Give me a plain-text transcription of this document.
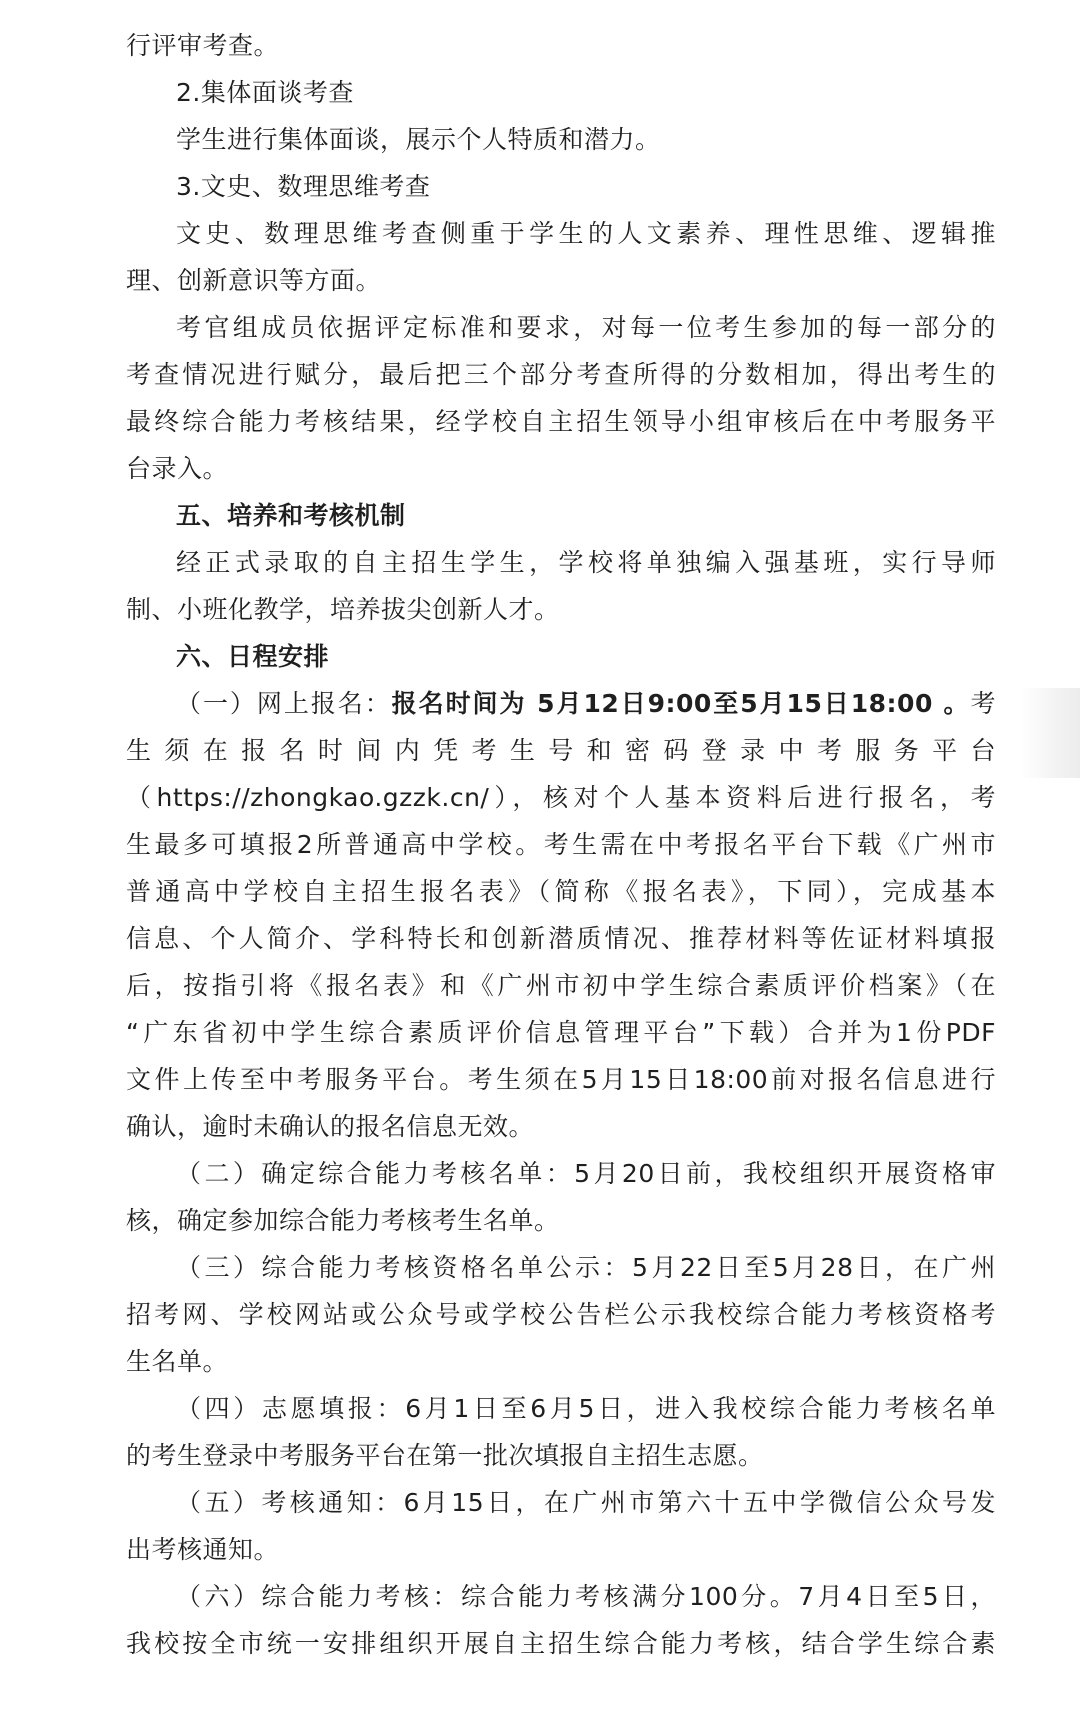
行评审考查。
2.集体面谈考查
学生进行集体面谈，展示个人特质和潜力。
3.文史、数理思维考查
文史、数理思维考查侧重于学生的人文素养、理性思维、逻辑推
理、创新意识等方面。
考官组成员依据评定标准和要求，对每一位考生参加的每一部分的
考查情况进行赋分，最后把三个部分考查所得的分数相加，得出考生的
最终综合能力考核结果，经学校自主招生领导小组审核后在中考服务平
台录入。
五、培养和考核机制
经正式录取的自主招生学生，学校将单独编入强基班，实行导师
制、小班化教学，培养拔尖创新人才。
六、日程安排
（一）网上报名：报名时间为 5月12日9:00至5月15日18:00 。考
生须在报名时间内凭考生号和密码登录中考服务平台
（https://zhongkao.gzzk.cn/），核对个人基本资料后进行报名，考
生最多可填报2所普通高中学校。考生需在中考报名平台下载《广州市
普通高中学校自主招生报名表》（简称《报名表》，下同），完成基本
信息、个人简介、学科特长和创新潜质情况、推荐材料等佐证材料填报
后，按指引将《报名表》和《广州市初中学生综合素质评价档案》（在
“广东省初中学生综合素质评价信息管理平台”下载）合并为1份PDF
文件上传至中考服务平台。考生须在5月15日18:00前对报名信息进行
确认，逾时未确认的报名信息无效。
（二）确定综合能力考核名单：5月20日前，我校组织开展资格审
核，确定参加综合能力考核考生名单。
（三）综合能力考核资格名单公示：5月22日至5月28日，在广州
招考网、学校网站或公众号或学校公告栏公示我校综合能力考核资格考
生名单。
（四）志愿填报：6月1日至6月5日，进入我校综合能力考核名单
的考生登录中考服务平台在第一批次填报自主招生志愿。
（五）考核通知：6月15日，在广州市第六十五中学微信公众号发
出考核通知。
（六）综合能力考核：综合能力考核满分100分。7月4日至5日，
我校按全市统一安排组织开展自主招生综合能力考核，结合学生综合素
